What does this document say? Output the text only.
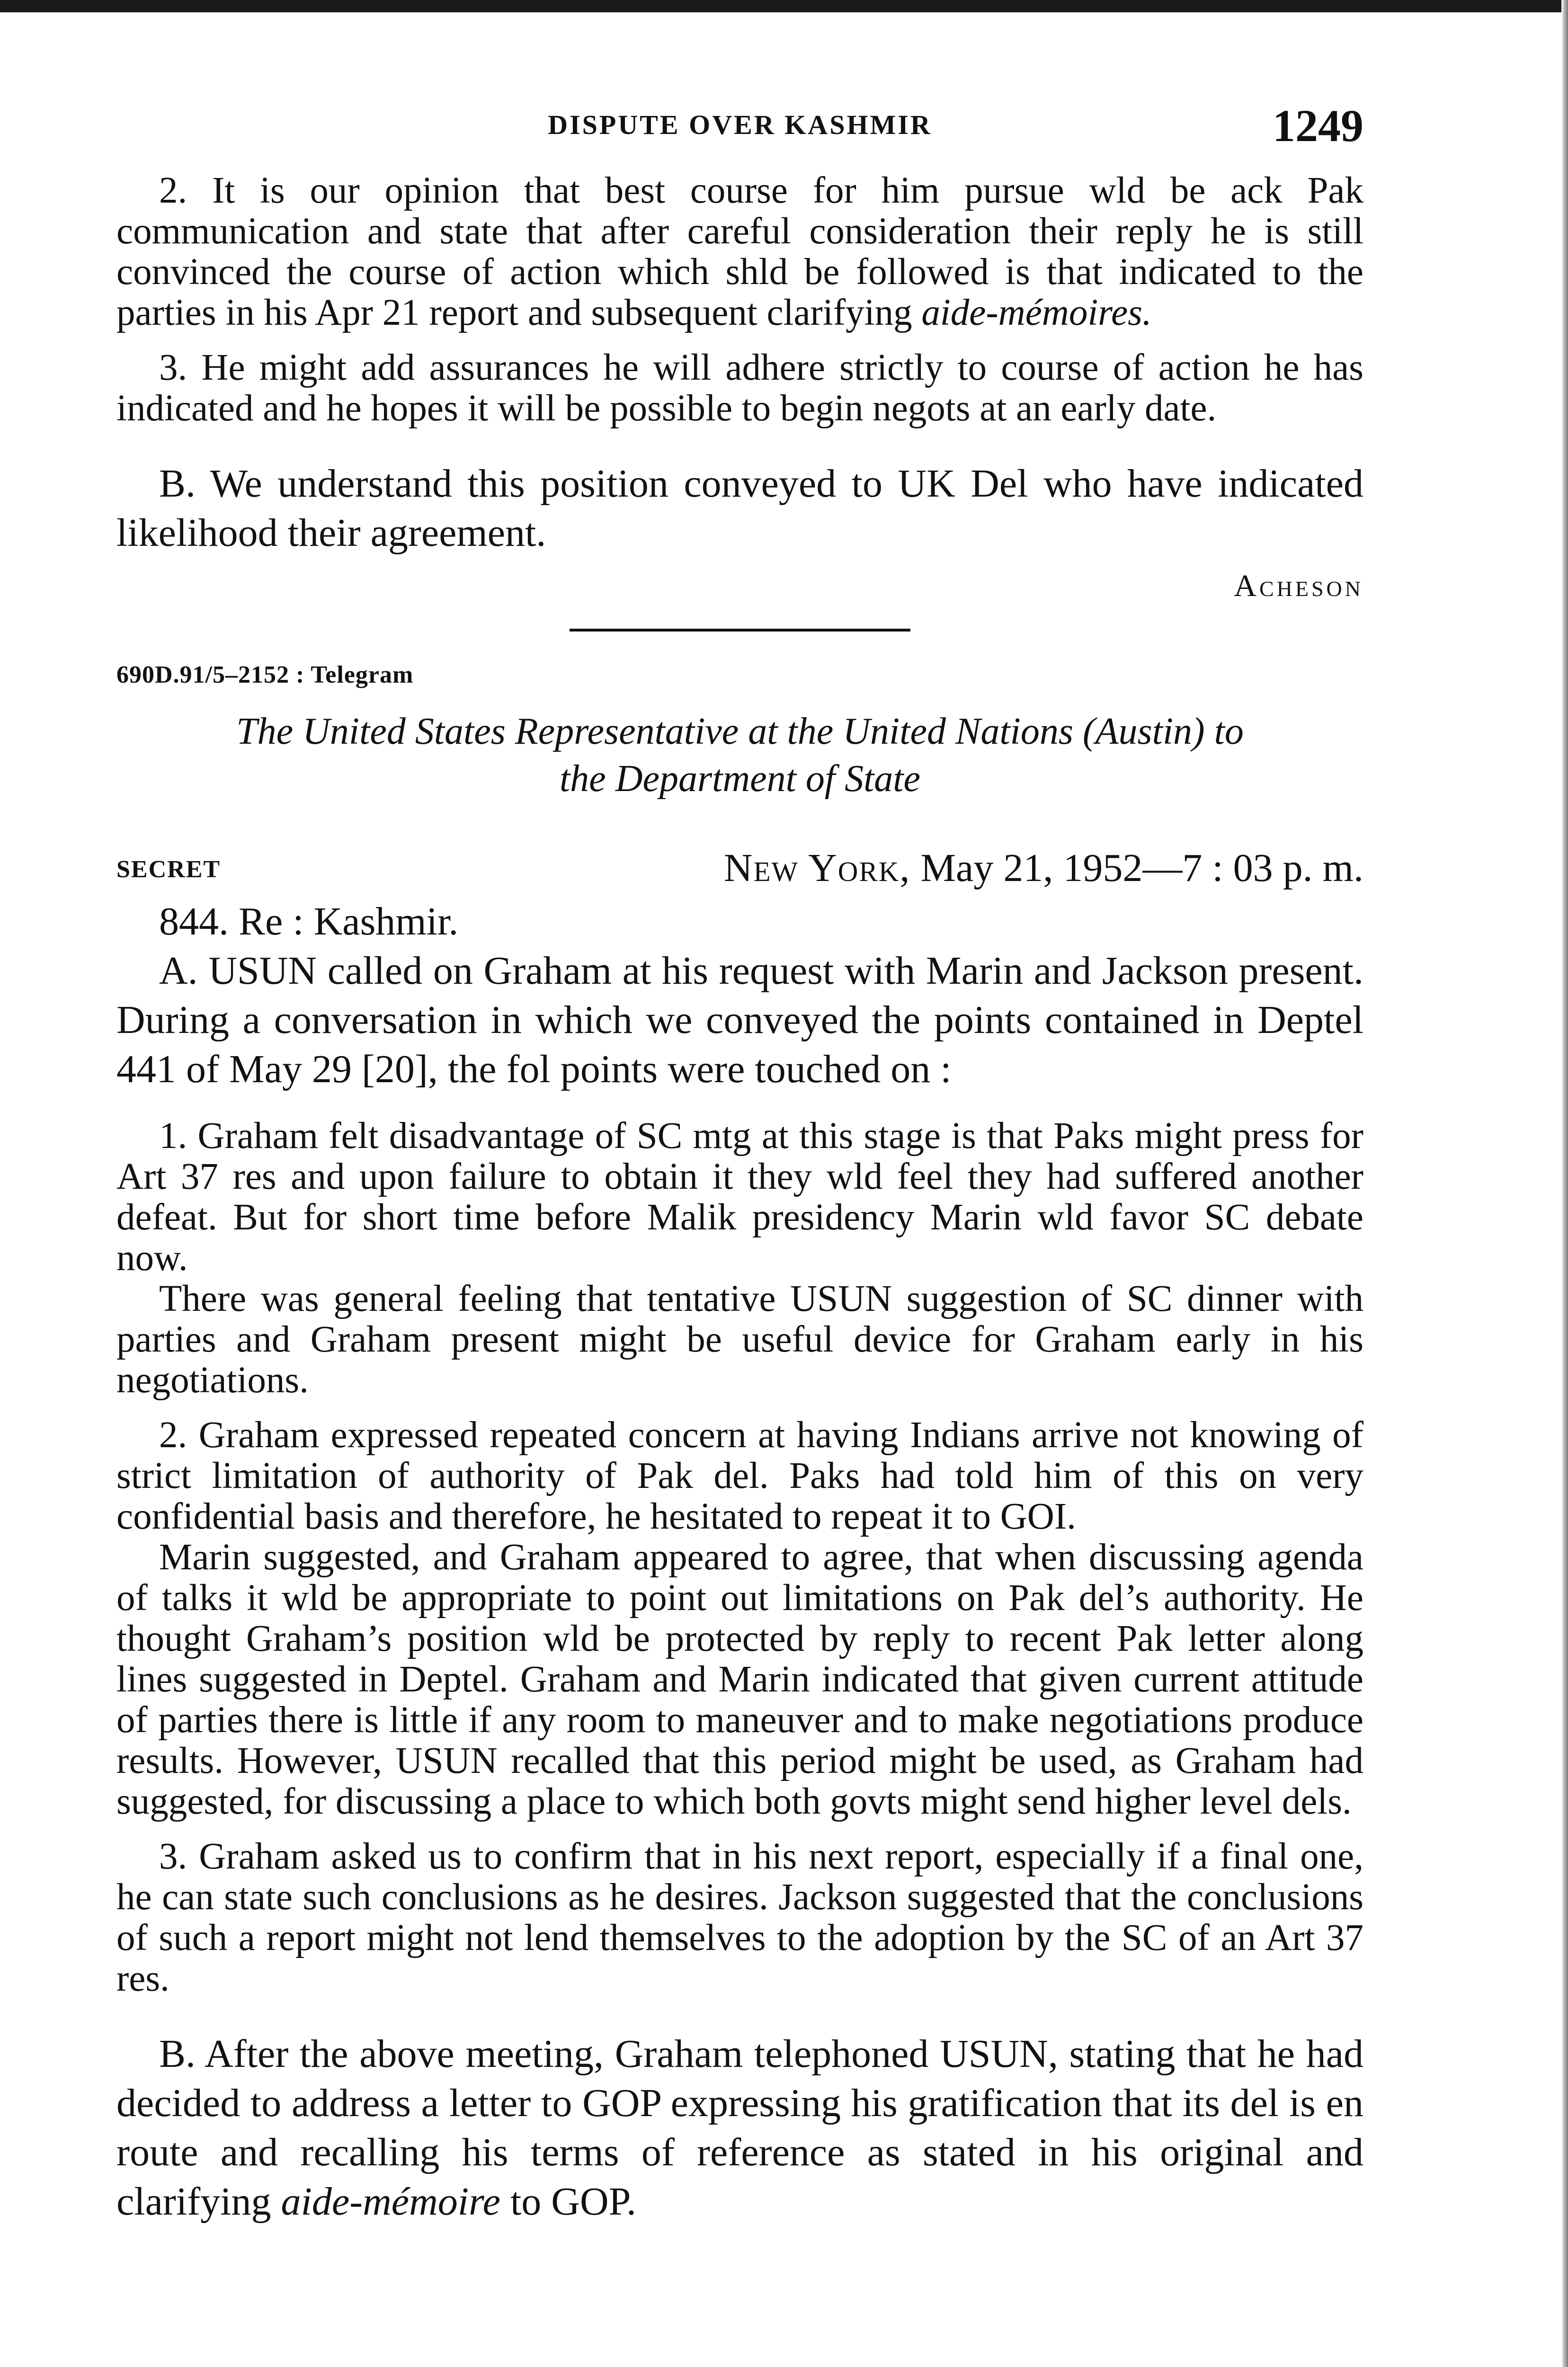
DISPUTE OVER KASHMIR	1249

2. It is our opinion that best course for him pursue wld be ack Pak communication and state that after careful consideration their reply he is still convinced the course of action which shld be followed is that indicated to the parties in his Apr 21 report and subsequent clarifying aide-mémoires.

3. He might add assurances he will adhere strictly to course of action he has indicated and he hopes it will be possible to begin negots at an early date.

B. We understand this position conveyed to UK Del who have indicated likelihood their agreement.

Acheson
690D.91/5–2152 : Telegram
The United States Representative at the United Nations (Austin) to
the Department of State
SECRET	New York, May 21, 1952—7 : 03 p. m.

844. Re : Kashmir.

A. USUN called on Graham at his request with Marin and Jackson present. During a conversation in which we conveyed the points contained in Deptel 441 of May 29 [20], the fol points were touched on :

1. Graham felt disadvantage of SC mtg at this stage is that Paks might press for Art 37 res and upon failure to obtain it they wld feel they had suffered another defeat. But for short time before Malik presidency Marin wld favor SC debate now.

There was general feeling that tentative USUN suggestion of SC dinner with parties and Graham present might be useful device for Graham early in his negotiations.

2. Graham expressed repeated concern at having Indians arrive not knowing of strict limitation of authority of Pak del. Paks had told him of this on very confidential basis and therefore, he hesitated to repeat it to GOI.

Marin suggested, and Graham appeared to agree, that when discussing agenda of talks it wld be appropriate to point out limitations on Pak del’s authority. He thought Graham’s position wld be protected by reply to recent Pak letter along lines suggested in Deptel. Graham and Marin indicated that given current attitude of parties there is little if any room to maneuver and to make negotiations produce results. However, USUN recalled that this period might be used, as Graham had suggested, for discussing a place to which both govts might send higher level dels.

3. Graham asked us to confirm that in his next report, especially if a final one, he can state such conclusions as he desires. Jackson suggested that the conclusions of such a report might not lend themselves to the adoption by the SC of an Art 37 res.

B. After the above meeting, Graham telephoned USUN, stating that he had decided to address a letter to GOP expressing his gratification that its del is en route and recalling his terms of reference as stated in his original and clarifying aide-mémoire to GOP.
